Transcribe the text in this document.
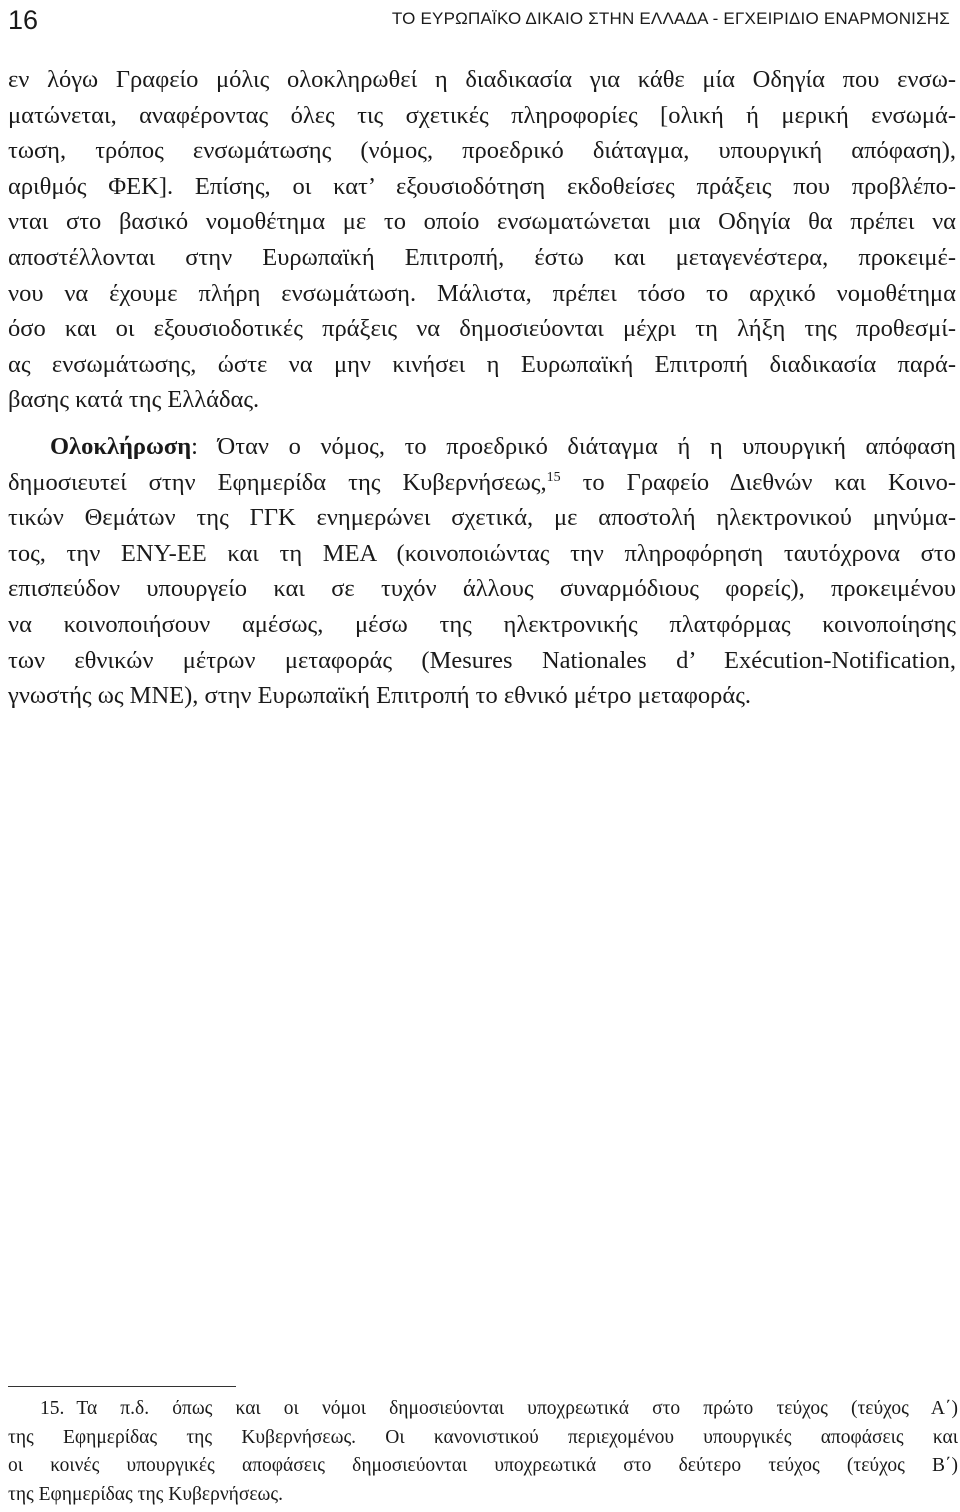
16	ΤΟ ΕΥΡΩΠΑΪΚΟ ΔΙΚΑΙΟ ΣΤΗΝ ΕΛΛΑΔΑ - ΕΓΧΕΙΡΙΔΙΟ ΕΝΑΡΜΟΝΙΣΗΣ
εν λόγω Γραφείο μόλις ολοκληρωθεί η διαδικασία για κάθε μία Οδηγία που ενσω-
ματώνεται, αναφέροντας όλες τις σχετικές πληροφορίες [ολική ή μερική ενσωμά-
τωση, τρόπος ενσωμάτωσης (νόμος, προεδρικό διάταγμα, υπουργική απόφαση),
αριθμός ΦΕΚ]. Επίσης, οι κατ’ εξουσιοδότηση εκδοθείσες πράξεις που προβλέπο-
νται στο βασικό νομοθέτημα με το οποίο ενσωματώνεται μια Οδηγία θα πρέπει να
αποστέλλονται στην Ευρωπαϊκή Επιτροπή, έστω και μεταγενέστερα, προκειμέ-
νου να έχουμε πλήρη ενσωμάτωση. Μάλιστα, πρέπει τόσο το αρχικό νομοθέτημα
όσο και οι εξουσιοδοτικές πράξεις να δημοσιεύονται μέχρι τη λήξη της προθεσμί-
ας ενσωμάτωσης, ώστε να μην κινήσει η Ευρωπαϊκή Επιτροπή διαδικασία παρά-
βασης κατά της Ελλάδας.
Ολοκλήρωση: Όταν ο νόμος, το προεδρικό διάταγμα ή η υπουργική απόφαση
δημοσιευτεί στην Εφημερίδα της Κυβερνήσεως,$^{15}$ το Γραφείο Διεθνών και Κοινο-
τικών Θεμάτων της ΓΓΚ ενημερώνει σχετικά, με αποστολή ηλεκτρονικού μηνύμα-
τος, την ΕΝΥ-ΕΕ και τη ΜΕΑ (κοινοποιώντας την πληροφόρηση ταυτόχρονα στο
επισπεύδον υπουργείο και σε τυχόν άλλους συναρμόδιους φορείς), προκειμένου
να κοινοποιήσουν αμέσως, μέσω της ηλεκτρονικής πλατφόρμας κοινοποίησης
των εθνικών μέτρων μεταφοράς (Mesures Nationales d’ Exécution-Notification,
γνωστής ως MNE), στην Ευρωπαϊκή Επιτροπή το εθνικό μέτρο μεταφοράς.
15. Τα π.δ. όπως και οι νόμοι δημοσιεύονται υποχρεωτικά στο πρώτο τεύχος (τεύχος Α΄)
της Εφημερίδας της Κυβερνήσεως. Οι κανονιστικού περιεχομένου υπουργικές αποφάσεις και
οι κοινές υπουργικές αποφάσεις δημοσιεύονται υποχρεωτικά στο δεύτερο τεύχος (τεύχος Β΄)
της Εφημερίδας της Κυβερνήσεως.
